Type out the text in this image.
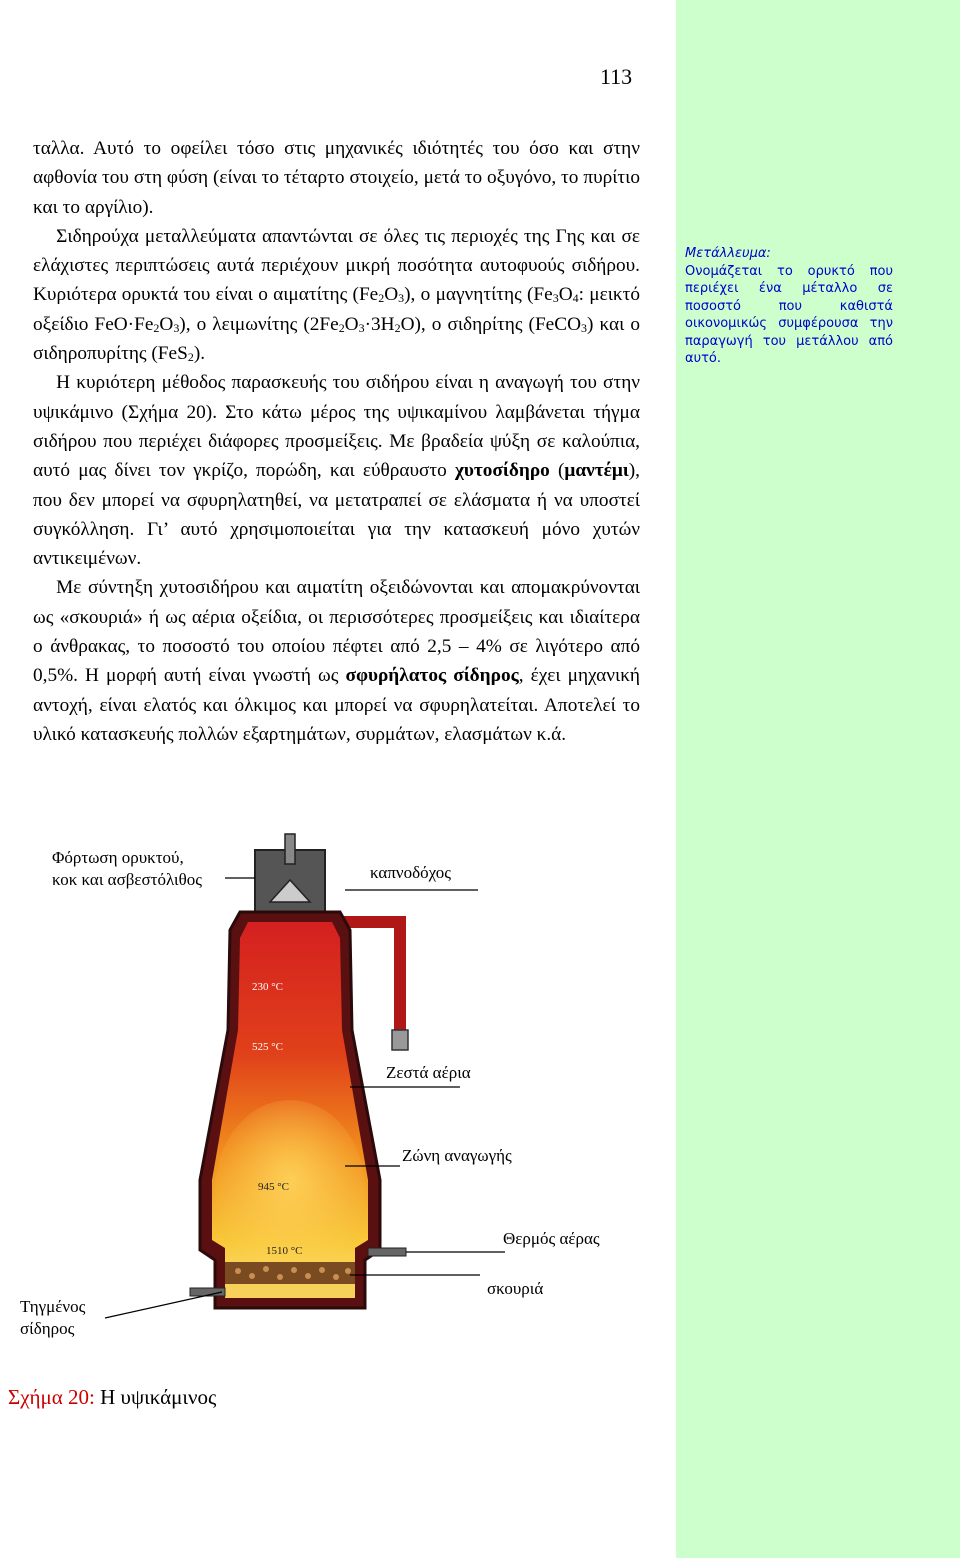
113

ταλλα. Αυτό το οφείλει τόσο στις μηχανικές ιδιότητές του όσο και στην αφθονία του στη φύση (είναι το τέταρτο στοιχείο, μετά το οξυγόνο, το πυρίτιο και το αργίλιο).

Σιδηρούχα μεταλλεύματα απαντώνται σε όλες τις περιοχές της Γης και σε ελάχιστες περιπτώσεις αυτά περιέχουν μικρή ποσότητα αυτοφυούς σιδήρου. Κυριότερα ορυκτά του είναι ο αιματίτης $(Fe_2O_3)$, ο μαγνητίτης ($Fe_3O_4$: μεικτό οξείδιο $FeO\cdot Fe_2O_3$), ο λειμωνίτης $(2Fe_2O_3\cdot 3H_2O)$, ο σιδηρίτης (FeCO$_3$) και ο σιδηροπυρίτης (FeS$_2$).

Η κυριότερη μέθοδος παρασκευής του σιδήρου είναι η αναγωγή του στην υψικάμινο (Σχήμα 20). Στο κάτω μέρος της υψικαμίνου λαμβάνεται τήγμα σιδήρου που περιέχει διάφορες προσμείξεις. Με βραδεία ψύξη σε καλούπια, αυτό μας δίνει τον γκρίζο, πορώδη, και εύθραυστο χυτοσίδηρο (μαντέμι), που δεν μπορεί να σφυρηλατηθεί, να μετατραπεί σε ελάσματα ή να υποστεί συγκόλληση. Γι’ αυτό χρησιμοποιείται για την κατασκευή μόνο χυτών αντικειμένων.

Με σύντηξη χυτοσιδήρου και αιματίτη οξειδώνονται και απομακρύνονται ως «σκουριά» ή ως αέρια οξείδια, οι περισσότερες προσμείξεις και ιδιαίτερα ο άνθρακας, το ποσοστό του οποίου πέφτει από 2,5 – 4% σε λιγότερο από 0,5%. Η μορφή αυτή είναι γνωστή ως σφυρήλατος σίδηρος, έχει μηχανική αντοχή, είναι ελατός και όλκιμος και μπορεί να σφυρηλατείται. Αποτελεί το υλικό κατασκευής πολλών εξαρτημάτων, συρμάτων, ελασμάτων κ.ά.

Μετάλλευμα:
Ονομάζεται το ορυκτό που περιέχει ένα μέταλλο σε ποσοστό που καθιστά οικονομικώς συμφέρουσα την παραγωγή του μετάλλου από αυτό.
Φόρτωση ορυκτού,
κοκ και ασβεστόλιθος	καπνοδόχος
Ζεστά αέρια
Ζώνη αναγωγής
Θερμός αέρας
σκουριά
Τηγμένος
σίδηρος
230 °C
525 °C
945 °C
1510 °C
Σχήμα 20: Η υψικάμινος
